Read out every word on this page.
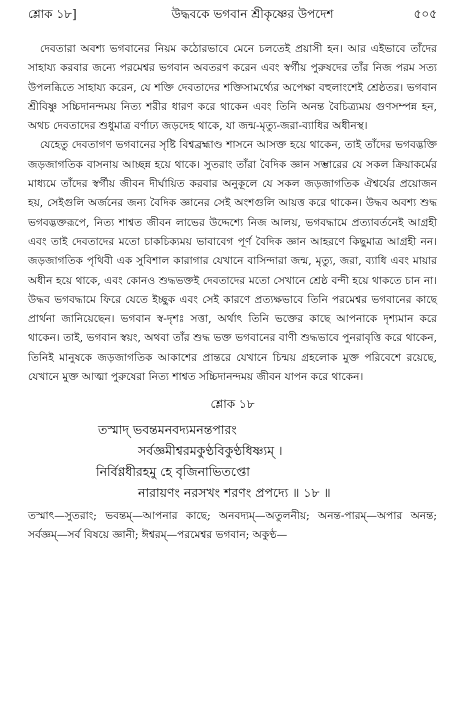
শ্লোক ১৮]	উদ্ধবকে ভগবান শ্রীকৃষ্ণের উপদেশ	৫০৫

দেবতারা অবশ্য ভগবানের নিয়ম কঠোরভাবে মেনে চলতেই প্রয়াসী হন। আর এইভাবে তাঁদের সাহায্য করবার জন্যে পরমেশ্বর ভগবান অবতরণ করেন এবং স্বর্গীয় পুরুষদের তাঁর নিজ পরম সত্য উপলব্ধিতে সাহায্য করেন, যে শক্তি দেবতাদের শক্তিসামর্থ্যের অপেক্ষা বহুলাংশেই শ্রেষ্ঠতর। ভগবান শ্রীবিষ্ণু সচ্চিদানন্দময় নিত্য শরীর ধারণ করে থাকেন এবং তিনি অনন্ত বৈচিত্র্যময় গুণসম্পন্ন হন, অথচ দেবতাদের শুধুমাত্র বর্ণাঢ্য জড়দেহ থাকে, যা জন্ম-মৃত্যু-জরা-ব্যাধির অধীনস্থ।

যেহেতু দেবতাগণ ভগবানের সৃষ্টি বিশ্বব্রহ্মাণ্ড শাসনে আসক্ত হয়ে থাকেন, তাই তাঁদের ভগবদ্ভক্তি জড়জাগতিক বাসনায় আচ্ছন্ন হয়ে থাকে। সুতরাং তাঁরা বৈদিক জ্ঞান সম্ভারের যে সকল ক্রিয়াকর্মের মাধ্যমে তাঁদের স্বর্গীয় জীবন দীর্ঘায়িত করবার অনুকূলে যে সকল জড়জাগতিক ঐশ্বর্যের প্রয়োজন হয়, সেইগুলি অর্জনের জন্য বৈদিক জ্ঞানের সেই অংশগুলি আয়ত্ত করে থাকেন। উদ্ধব অবশ্য শুদ্ধ ভগবদ্ভক্তরূপে, নিত্য শাশ্বত জীবন লাভের উদ্দেশ্যে নিজ আলয়, ভগবদ্ধামে প্রত্যাবর্তনেই আগ্রহী এবং তাই দেবতাদের মতো চাকচিক্যময় ভাবাবেগ পূর্ণ বৈদিক জ্ঞান আহরণে কিছুমাত্র আগ্রহী নন। জড়জাগতিক পৃথিবী এক সুবিশাল কারাগার যেখানে বাসিন্দারা জন্ম, মৃত্যু, জরা, ব্যাধি এবং মায়ার অধীন হয়ে থাকে, এবং কোনও শুদ্ধভক্তই দেবতাদের মতো সেখানে শ্রেষ্ঠ বন্দী হয়ে থাকতে চান না। উদ্ধব ভগবদ্ধামে ফিরে যেতে ইচ্ছুক এবং সেই কারণে প্রত্যক্ষভাবে তিনি পরমেশ্বর ভগবানের কাছে প্রার্থনা জানিয়েছেন। ভগবান স্ব-দৃশঃ সত্তা, অর্থাৎ তিনি ভক্তের কাছে আপনাকে দৃশ্যমান করে থাকেন। তাই, ভগবান স্বয়ং, অথবা তাঁর শুদ্ধ ভক্ত ভগবানের বাণী শুদ্ধভাবে পুনরাবৃত্তি করে থাকেন, তিনিই মানুষকে জড়জাগতিক আকাশের প্রান্তরে যেখানে চিন্ময় গ্রহলোক মুক্ত পরিবেশে রয়েছে, যেখানে মুক্ত আত্মা পুরুষেরা নিত্য শাশ্বত সচ্চিদানন্দময় জীবন যাপন করে থাকেন।

শ্লোক ১৮
তস্মাদ্ ভবন্তমনবদ্যমনন্তপারং
সর্বজ্ঞমীশ্বরমকুণ্ঠবিকুণ্ঠধিষ্ণ্যম্ ।
নির্বিণ্ণধীরহমু হে বৃজিনাভিতপ্তো
নারায়ণং নরসখং শরণং প্রপদ্যে ॥ ১৮ ॥
তস্মাৎ—সুতরাং; ভবন্তম্—আপনার কাছে; অনবদ্যম্—অতুলনীয়; অনন্ত-পারম্—অপার অনন্ত; সর্বজ্ঞম্—সর্ব বিষয়ে জ্ঞানী; ঈশ্বরম্—পরমেশ্বর ভগবান; অকুণ্ঠ—
